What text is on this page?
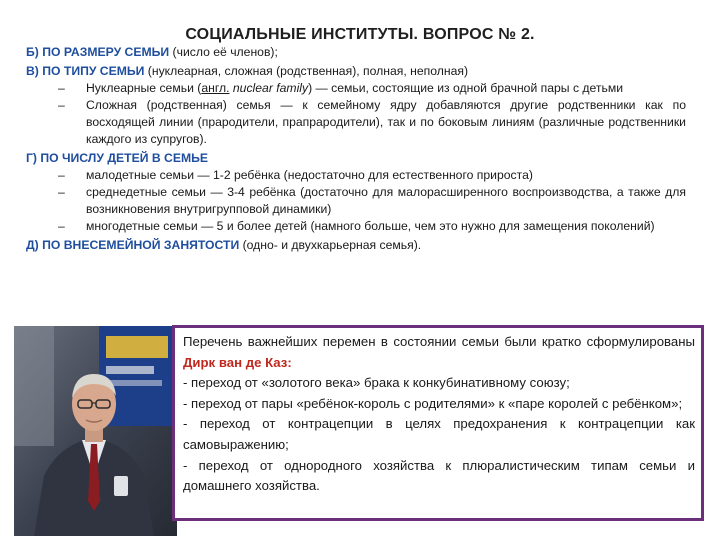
СОЦИАЛЬНЫЕ ИНСТИТУТЫ. ВОПРОС № 2.
Б) ПО РАЗМЕРУ СЕМЬИ (число её членов);
В) ПО ТИПУ СЕМЬИ (нуклеарная, сложная (родственная), полная, неполная)
– Нуклеарные семьи (англ. nuclear family) — семьи, состоящие из одной брачной пары с детьми
– Сложная (родственная) семья — к семейному ядру добавляются другие родственники как по восходящей линии (прародители, прапрародители), так и по боковым линиям (различные родственники каждого из супругов).
Г) ПО ЧИСЛУ ДЕТЕЙ В СЕМЬЕ
– малодетные семьи — 1-2 ребёнка (недостаточно для естественного прироста)
– среднедетные семьи — 3-4 ребёнка (достаточно для малорасширенного воспроизводства, а также для возникновения внутригрупповой динамики)
– многодетные семьи — 5 и более детей (намного больше, чем это нужно для замещения поколений)
Д) ПО ВНЕСЕМЕЙНОЙ ЗАНЯТОСТИ (одно- и двухкарьерная семья).

Перечень важнейших перемен в состоянии семьи были кратко сформулированы Дирк ван де Каз:

- переход от «золотого века» брака к конкубинативному союзу;

- переход от пары «ребёнок-король с родителями» к «паре королей с ребёнком»;

- переход от контрацепции в целях предохранения к контрацепции как самовыражению;

- переход от однородного хозяйства к плюралистическим типам семьи и домашнего хозяйства.
